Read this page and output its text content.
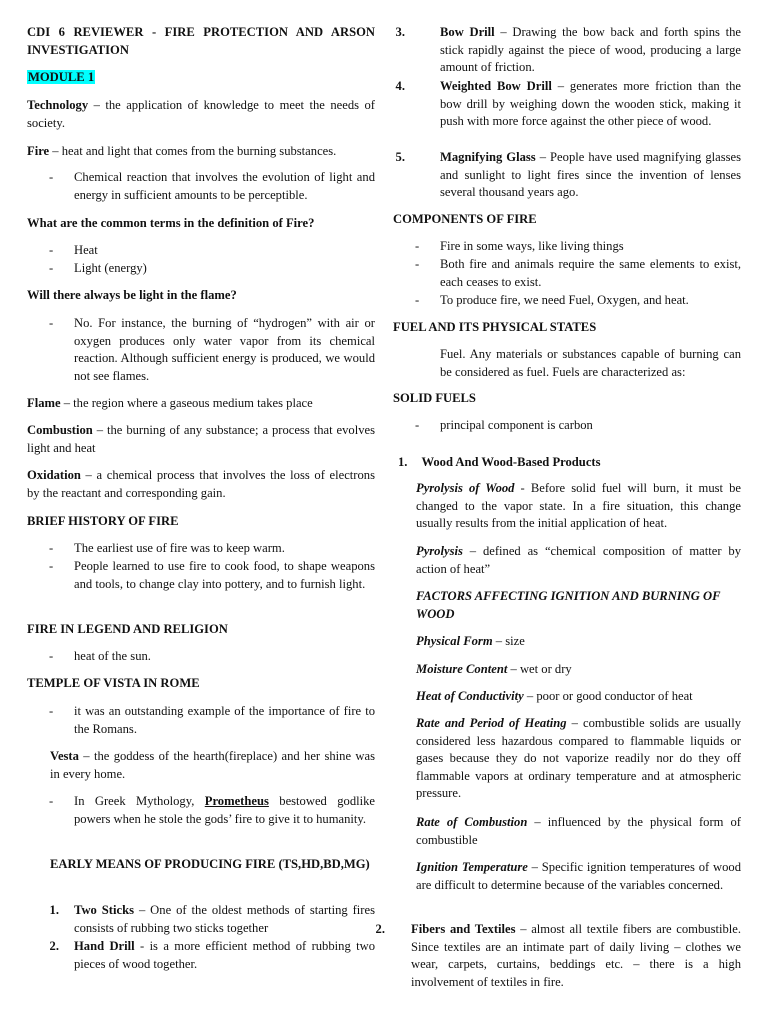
CDI 6 REVIEWER - FIRE PROTECTION AND ARSON INVESTIGATION
MODULE 1
Technology – the application of knowledge to meet the needs of society.
Fire – heat and light that comes from the burning substances.
- Chemical reaction that involves the evolution of light and energy in sufficient amounts to be perceptible.
What are the common terms in the definition of Fire?
- Heat
- Light (energy)
Will there always be light in the flame?
- No. For instance, the burning of “hydrogen” with air or oxygen produces only water vapor from its chemical reaction. Although sufficient energy is produced, we would not see flames.
Flame – the region where a gaseous medium takes place
Combustion – the burning of any substance; a process that evolves light and heat
Oxidation – a chemical process that involves the loss of electrons by the reactant and corresponding gain.
BRIEF HISTORY OF FIRE
- The earliest use of fire was to keep warm.
- People learned to use fire to cook food, to shape weapons and tools, to change clay into pottery, and to furnish light.
FIRE IN LEGEND AND RELIGION
- heat of the sun.
TEMPLE OF VISTA IN ROME
- it was an outstanding example of the importance of fire to the Romans.
Vesta – the goddess of the hearth(fireplace) and her shine was in every home.
- In Greek Mythology, Prometheus bestowed godlike powers when he stole the gods’ fire to give it to humanity.
EARLY MEANS OF PRODUCING FIRE (TS,HD,BD,MG)
1.	Two Sticks – One of the oldest methods of starting fires consists of rubbing two sticks together
2.	Hand Drill - is a more efficient method of rubbing two pieces of wood together.
3.	Bow Drill – Drawing the bow back and forth spins the stick rapidly against the piece of wood, producing a large amount of friction.
4.	Weighted Bow Drill – generates more friction than the bow drill by weighing down the wooden stick, making it push with more force against the other piece of wood.
5.	Magnifying Glass – People have used magnifying glasses and sunlight to light fires since the invention of lenses several thousand years ago.
COMPONENTS OF FIRE
- Fire in some ways, like living things
- Both fire and animals require the same elements to exist, each ceases to exist.
- To produce fire, we need Fuel, Oxygen, and heat.
FUEL AND ITS PHYSICAL STATES
Fuel. Any materials or substances capable of burning can be considered as fuel. Fuels are characterized as:
SOLID FUELS
- principal component is carbon
1. Wood And Wood-Based Products
Pyrolysis of Wood - Before solid fuel will burn, it must be changed to the vapor state. In a fire situation, this change usually results from the initial application of heat.
Pyrolysis – defined as “chemical composition of matter by action of heat”
FACTORS AFFECTING IGNITION AND BURNING OF WOOD
Physical Form – size
Moisture Content – wet or dry
Heat of Conductivity – poor or good conductor of heat
Rate and Period of Heating – combustible solids are usually considered less hazardous compared to flammable liquids or gases because they do not vaporize readily nor do they off flammable vapors at ordinary temperature and at atmospheric pressure.
Rate of Combustion – influenced by the physical form of combustible
Ignition Temperature – Specific ignition temperatures of wood are difficult to determine because of the variables concerned.
2.	Fibers and Textiles – almost all textile fibers are combustible. Since textiles are an intimate part of daily living – clothes we wear, carpets, curtains, beddings etc. – there is a high involvement of textiles in fire.
